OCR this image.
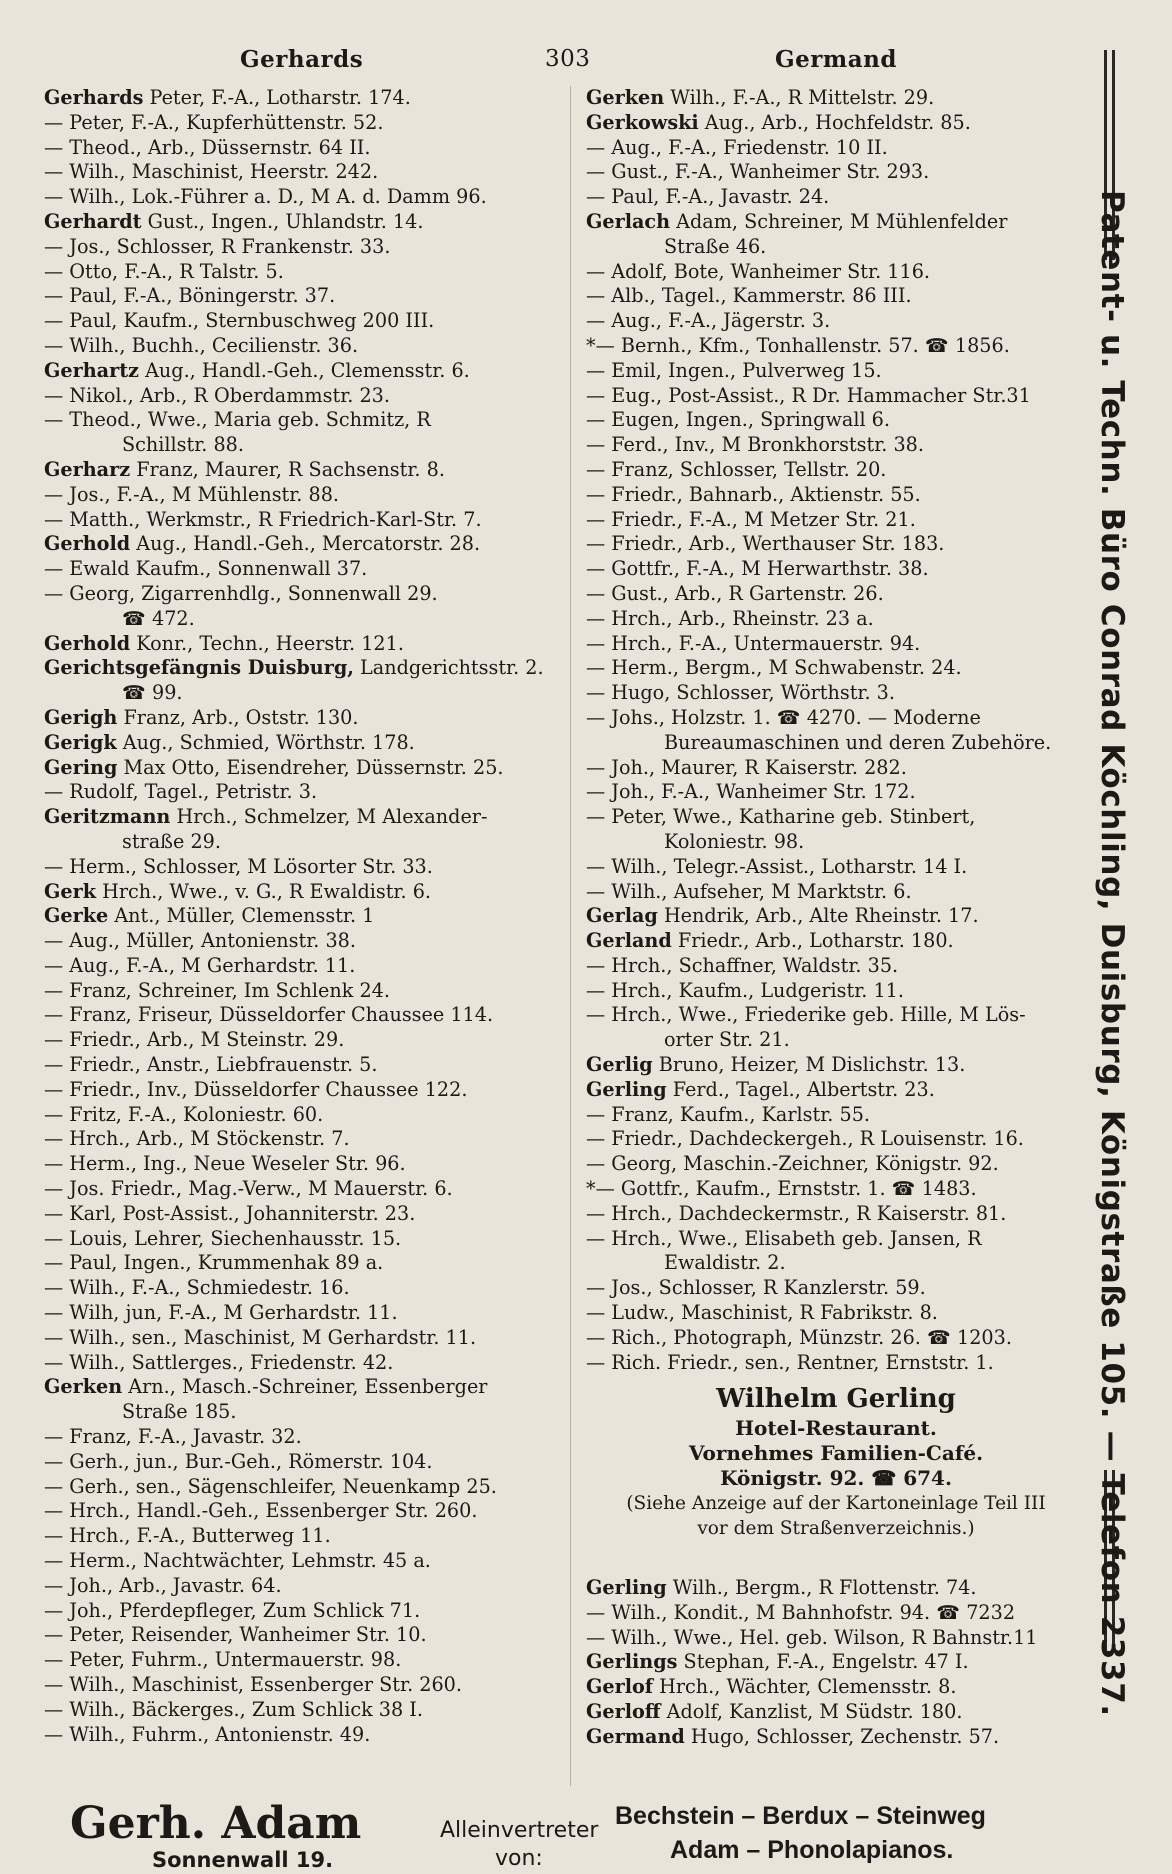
Gerhards	303	Germand
Gerhards Peter, F.-A., Lotharstr. 174.
— Peter, F.-A., Kupferhüttenstr. 52.
— Theod., Arb., Düssernstr. 64 II.
— Wilh., Maschinist, Heerstr. 242.
— Wilh., Lok.-Führer a. D., M A. d. Damm 96.
Gerhardt Gust., Ingen., Uhlandstr. 14.
— Jos., Schlosser, R Frankenstr. 33.
— Otto, F.-A., R Talstr. 5.
— Paul, F.-A., Böningerstr. 37.
— Paul, Kaufm., Sternbuschweg 200 III.
— Wilh., Buchh., Cecilienstr. 36.
Gerhartz Aug., Handl.-Geh., Clemensstr. 6.
— Nikol., Arb., R Oberdammstr. 23.
— Theod., Wwe., Maria geb. Schmitz, R
Schillstr. 88.
Gerharz Franz, Maurer, R Sachsenstr. 8.
— Jos., F.-A., M Mühlenstr. 88.
— Matth., Werkmstr., R Friedrich-Karl-Str. 7.
Gerhold Aug., Handl.-Geh., Mercatorstr. 28.
— Ewald Kaufm., Sonnenwall 37.
— Georg, Zigarrenhdlg., Sonnenwall 29.
☎ 472.
Gerhold Konr., Techn., Heerstr. 121.
Gerichtsgefängnis Duisburg, Landgerichtsstr. 2.
☎ 99.
Gerigh Franz, Arb., Oststr. 130.
Gerigk Aug., Schmied, Wörthstr. 178.
Gering Max Otto, Eisendreher, Düssernstr. 25.
— Rudolf, Tagel., Petristr. 3.
Geritzmann Hrch., Schmelzer, M Alexander-
straße 29.
— Herm., Schlosser, M Lösorter Str. 33.
Gerk Hrch., Wwe., v. G., R Ewaldistr. 6.
Gerke Ant., Müller, Clemensstr. 1
— Aug., Müller, Antonienstr. 38.
— Aug., F.-A., M Gerhardstr. 11.
— Franz, Schreiner, Im Schlenk 24.
— Franz, Friseur, Düsseldorfer Chaussee 114.
— Friedr., Arb., M Steinstr. 29.
— Friedr., Anstr., Liebfrauenstr. 5.
— Friedr., Inv., Düsseldorfer Chaussee 122.
— Fritz, F.-A., Koloniestr. 60.
— Hrch., Arb., M Stöckenstr. 7.
— Herm., Ing., Neue Weseler Str. 96.
— Jos. Friedr., Mag.-Verw., M Mauerstr. 6.
— Karl, Post-Assist., Johanniterstr. 23.
— Louis, Lehrer, Siechenhausstr. 15.
— Paul, Ingen., Krummenhak 89 a.
— Wilh., F.-A., Schmiedestr. 16.
— Wilh, jun, F.-A., M Gerhardstr. 11.
— Wilh., sen., Maschinist, M Gerhardstr. 11.
— Wilh., Sattlerges., Friedenstr. 42.
Gerken Arn., Masch.-Schreiner, Essenberger
Straße 185.
— Franz, F.-A., Javastr. 32.
— Gerh., jun., Bur.-Geh., Römerstr. 104.
— Gerh., sen., Sägenschleifer, Neuenkamp 25.
— Hrch., Handl.-Geh., Essenberger Str. 260.
— Hrch., F.-A., Butterweg 11.
— Herm., Nachtwächter, Lehmstr. 45 a.
— Joh., Arb., Javastr. 64.
— Joh., Pferdepfleger, Zum Schlick 71.
— Peter, Reisender, Wanheimer Str. 10.
— Peter, Fuhrm., Untermauerstr. 98.
— Wilh., Maschinist, Essenberger Str. 260.
— Wilh., Bäckerges., Zum Schlick 38 I.
— Wilh., Fuhrm., Antonienstr. 49.
Gerken Wilh., F.-A., R Mittelstr. 29.
Gerkowski Aug., Arb., Hochfeldstr. 85.
— Aug., F.-A., Friedenstr. 10 II.
— Gust., F.-A., Wanheimer Str. 293.
— Paul, F.-A., Javastr. 24.
Gerlach Adam, Schreiner, M Mühlenfelder
Straße 46.
— Adolf, Bote, Wanheimer Str. 116.
— Alb., Tagel., Kammerstr. 86 III.
— Aug., F.-A., Jägerstr. 3.
*— Bernh., Kfm., Tonhallenstr. 57. ☎ 1856.
— Emil, Ingen., Pulverweg 15.
— Eug., Post-Assist., R Dr. Hammacher Str.31
— Eugen, Ingen., Springwall 6.
— Ferd., Inv., M Bronkhorststr. 38.
— Franz, Schlosser, Tellstr. 20.
— Friedr., Bahnarb., Aktienstr. 55.
— Friedr., F.-A., M Metzer Str. 21.
— Friedr., Arb., Werthauser Str. 183.
— Gottfr., F.-A., M Herwarthstr. 38.
— Gust., Arb., R Gartenstr. 26.
— Hrch., Arb., Rheinstr. 23 a.
— Hrch., F.-A., Untermauerstr. 94.
— Herm., Bergm., M Schwabenstr. 24.
— Hugo, Schlosser, Wörthstr. 3.
— Johs., Holzstr. 1. ☎ 4270. — Moderne
Bureaumaschinen und deren Zubehöre.
— Joh., Maurer, R Kaiserstr. 282.
— Joh., F.-A., Wanheimer Str. 172.
— Peter, Wwe., Katharine geb. Stinbert,
Koloniestr. 98.
— Wilh., Telegr.-Assist., Lotharstr. 14 I.
— Wilh., Aufseher, M Marktstr. 6.
Gerlag Hendrik, Arb., Alte Rheinstr. 17.
Gerland Friedr., Arb., Lotharstr. 180.
— Hrch., Schaffner, Waldstr. 35.
— Hrch., Kaufm., Ludgeristr. 11.
— Hrch., Wwe., Friederike geb. Hille, M Lös-
orter Str. 21.
Gerlig Bruno, Heizer, M Dislichstr. 13.
Gerling Ferd., Tagel., Albertstr. 23.
— Franz, Kaufm., Karlstr. 55.
— Friedr., Dachdeckergeh., R Louisenstr. 16.
— Georg, Maschin.-Zeichner, Königstr. 92.
*— Gottfr., Kaufm., Ernststr. 1. ☎ 1483.
— Hrch., Dachdeckermstr., R Kaiserstr. 81.
— Hrch., Wwe., Elisabeth geb. Jansen, R
Ewaldistr. 2.
— Jos., Schlosser, R Kanzlerstr. 59.
— Ludw., Maschinist, R Fabrikstr. 8.
— Rich., Photograph, Münzstr. 26. ☎ 1203.
— Rich. Friedr., sen., Rentner, Ernststr. 1.
Wilhelm Gerling
Hotel-Restaurant.
Vornehmes Familien-Café.
Königstr. 92. ☎ 674.
(Siehe Anzeige auf der Kartoneinlage Teil III
vor dem Straßenverzeichnis.)
Gerling Wilh., Bergm., R Flottenstr. 74.
— Wilh., Kondit., M Bahnhofstr. 94. ☎ 7232
— Wilh., Wwe., Hel. geb. Wilson, R Bahnstr.11
Gerlings Stephan, F.-A., Engelstr. 47 I.
Gerlof Hrch., Wächter, Clemensstr. 8.
Gerloff Adolf, Kanzlist, M Südstr. 180.
Germand Hugo, Schlosser, Zechenstr. 57.
Patent- u. Techn. Büro Conrad Köchling, Duisburg, Königstraße 105. — Telefon 2337.
Gerh. Adam
Sonnenwall 19.
Alleinvertreter
von:
Bechstein – Berdux – Steinweg
Adam – Phonolapianos.
